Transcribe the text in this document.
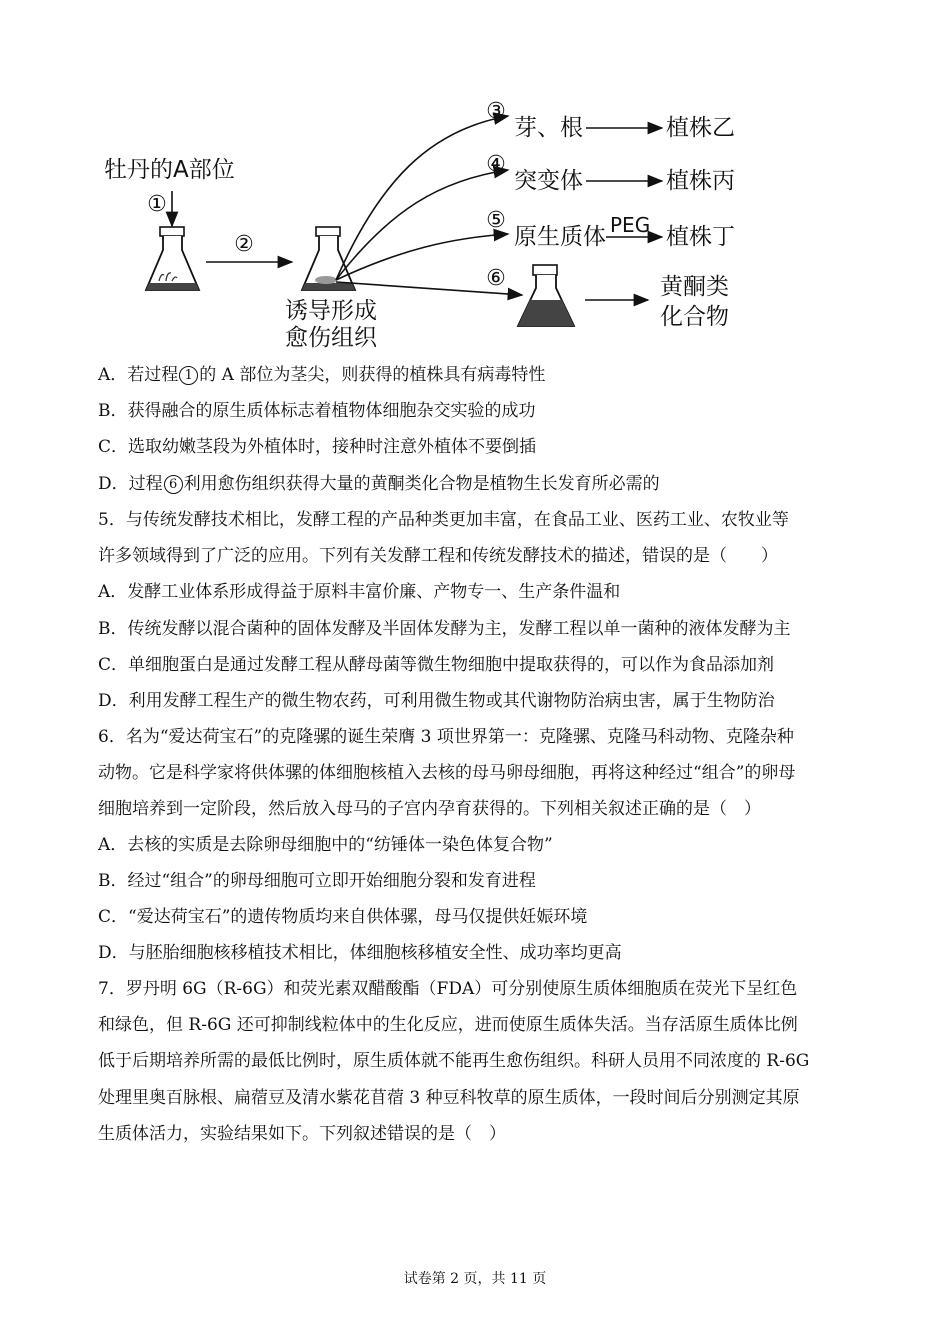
牡丹的A部位
①
②
诱导形成
愈伤组织
③
芽、根	植株乙
④
突变体	植株丙
⑤
原生质体 PEG 植株丁
⑥	黄酮类
化合物
A．若过程 1 的 A 部位为茎尖，则获得的植株具有病毒特性
B．获得融合的原生质体标志着植物体细胞杂交实验的成功
C．选取幼嫩茎段为外植体时，接种时注意外植体不要倒插
D．过程 6 利用愈伤组织获得大量的黄酮类化合物是植物生长发育所必需的
5．与传统发酵技术相比，发酵工程的产品种类更加丰富，在食品工业、医药工业、农牧业等
许多领域得到了广泛的应用。下列有关发酵工程和传统发酵技术的描述，错误的是（　　）
A．发酵工业体系形成得益于原料丰富价廉、产物专一、生产条件温和
B．传统发酵以混合菌种的固体发酵及半固体发酵为主，发酵工程以单一菌种的液体发酵为主
C．单细胞蛋白是通过发酵工程从酵母菌等微生物细胞中提取获得的，可以作为食品添加剂
D．利用发酵工程生产的微生物农药，可利用微生物或其代谢物防治病虫害，属于生物防治
6．名为“爱达荷宝石”的克隆骡的诞生荣膺 3 项世界第一：克隆骡、克隆马科动物、克隆杂种
动物。它是科学家将供体骡的体细胞核植入去核的母马卵母细胞，再将这种经过“组合”的卵母
细胞培养到一定阶段，然后放入母马的子宫内孕育获得的。下列相关叙述正确的是（　）
A．去核的实质是去除卵母细胞中的“纺锤体一染色体复合物”
B．经过“组合”的卵母细胞可立即开始细胞分裂和发育进程
C．“爱达荷宝石”的遗传物质均来自供体骡，母马仅提供妊娠环境
D．与胚胎细胞核移植技术相比，体细胞核移植安全性、成功率均更高
7．罗丹明 6G（R-6G）和荧光素双醋酸酯（FDA）可分别使原生质体细胞质在荧光下呈红色
和绿色，但 R-6G 还可抑制线粒体中的生化反应，进而使原生质体失活。当存活原生质体比例
低于后期培养所需的最低比例时，原生质体就不能再生愈伤组织。科研人员用不同浓度的 R-6G
处理里奥百脉根、扁蓿豆及清水紫花苜蓿 3 种豆科牧草的原生质体，一段时间后分别测定其原
生质体活力，实验结果如下。下列叙述错误的是（　）
试卷第 2 页，共 11 页
